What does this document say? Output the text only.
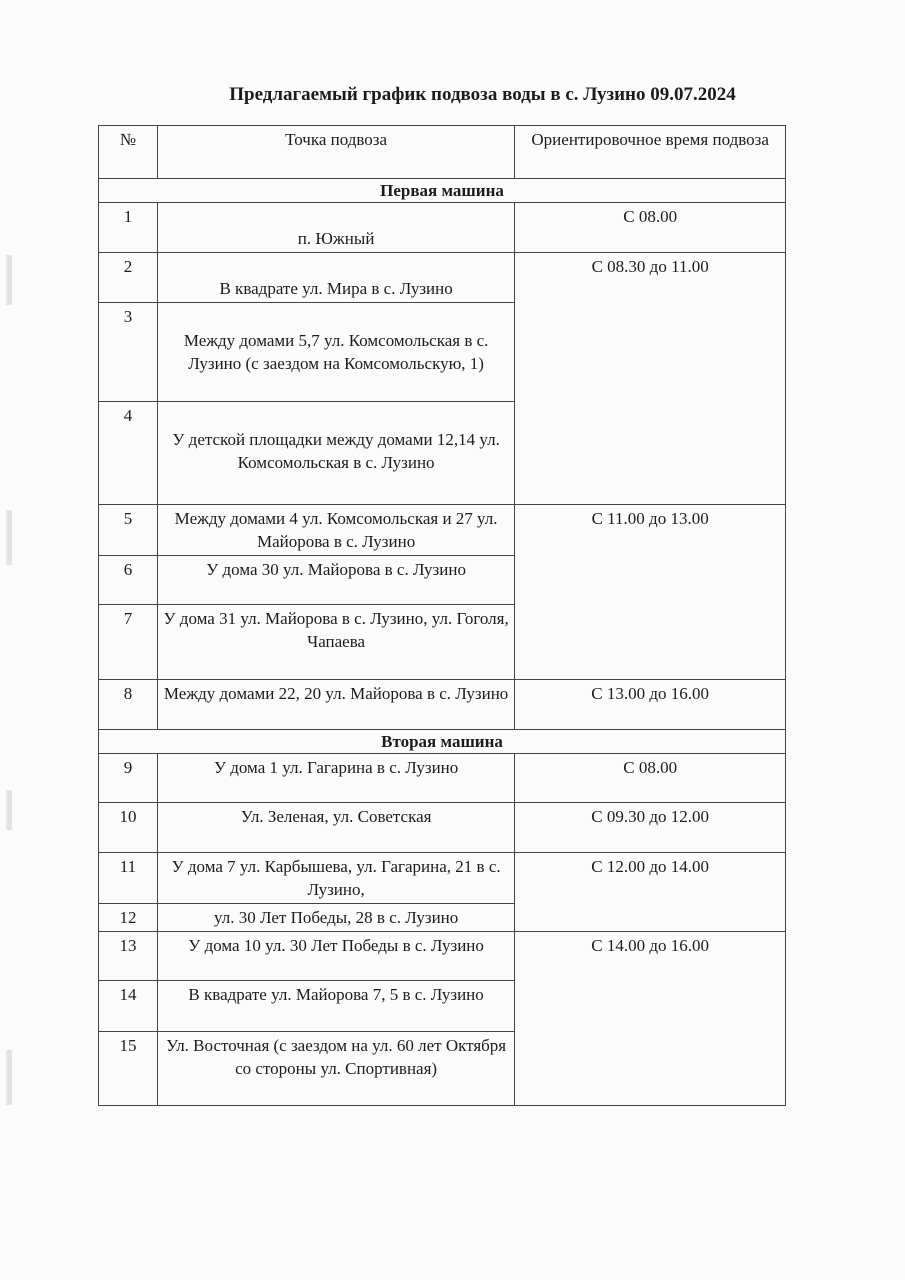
Предлагаемый график подвоза воды в с. Лузино 09.07.2024
№	Точка подвоза	Ориентировочное время подвоза
Первая машина		
1	п. Южный	С 08.00
2	В квадрате ул. Мира в с. Лузино	С 08.30 до 11.00
3	Между домами 5,7 ул. Комсомольская в с. Лузино (с заездом на Комсомольскую, 1)	
4	У детской площадки между домами 12,14 ул. Комсомольская в с. Лузино	
5	Между домами 4 ул. Комсомольская и 27 ул. Майорова в с. Лузино	С 11.00 до 13.00
6	У дома 30 ул. Майорова в с. Лузино	
7	У дома 31 ул. Майорова в с. Лузино, ул. Гоголя, Чапаева	
8	Между домами 22, 20 ул. Майорова в с. Лузино	С 13.00 до 16.00
Вторая машина		
9	У дома 1 ул. Гагарина в с. Лузино	С 08.00
10	Ул. Зеленая, ул. Советская	С 09.30 до 12.00
11	У дома 7 ул. Карбышева, ул. Гагарина, 21 в с. Лузино,	С 12.00 до 14.00
12	ул. 30 Лет Победы, 28 в с. Лузино	
13	У дома 10 ул. 30 Лет Победы в с. Лузино	С 14.00 до 16.00
14	В квадрате ул. Майорова 7, 5 в с. Лузино	
15	Ул. Восточная (с заездом на ул. 60 лет Октября со стороны ул. Спортивная)	
